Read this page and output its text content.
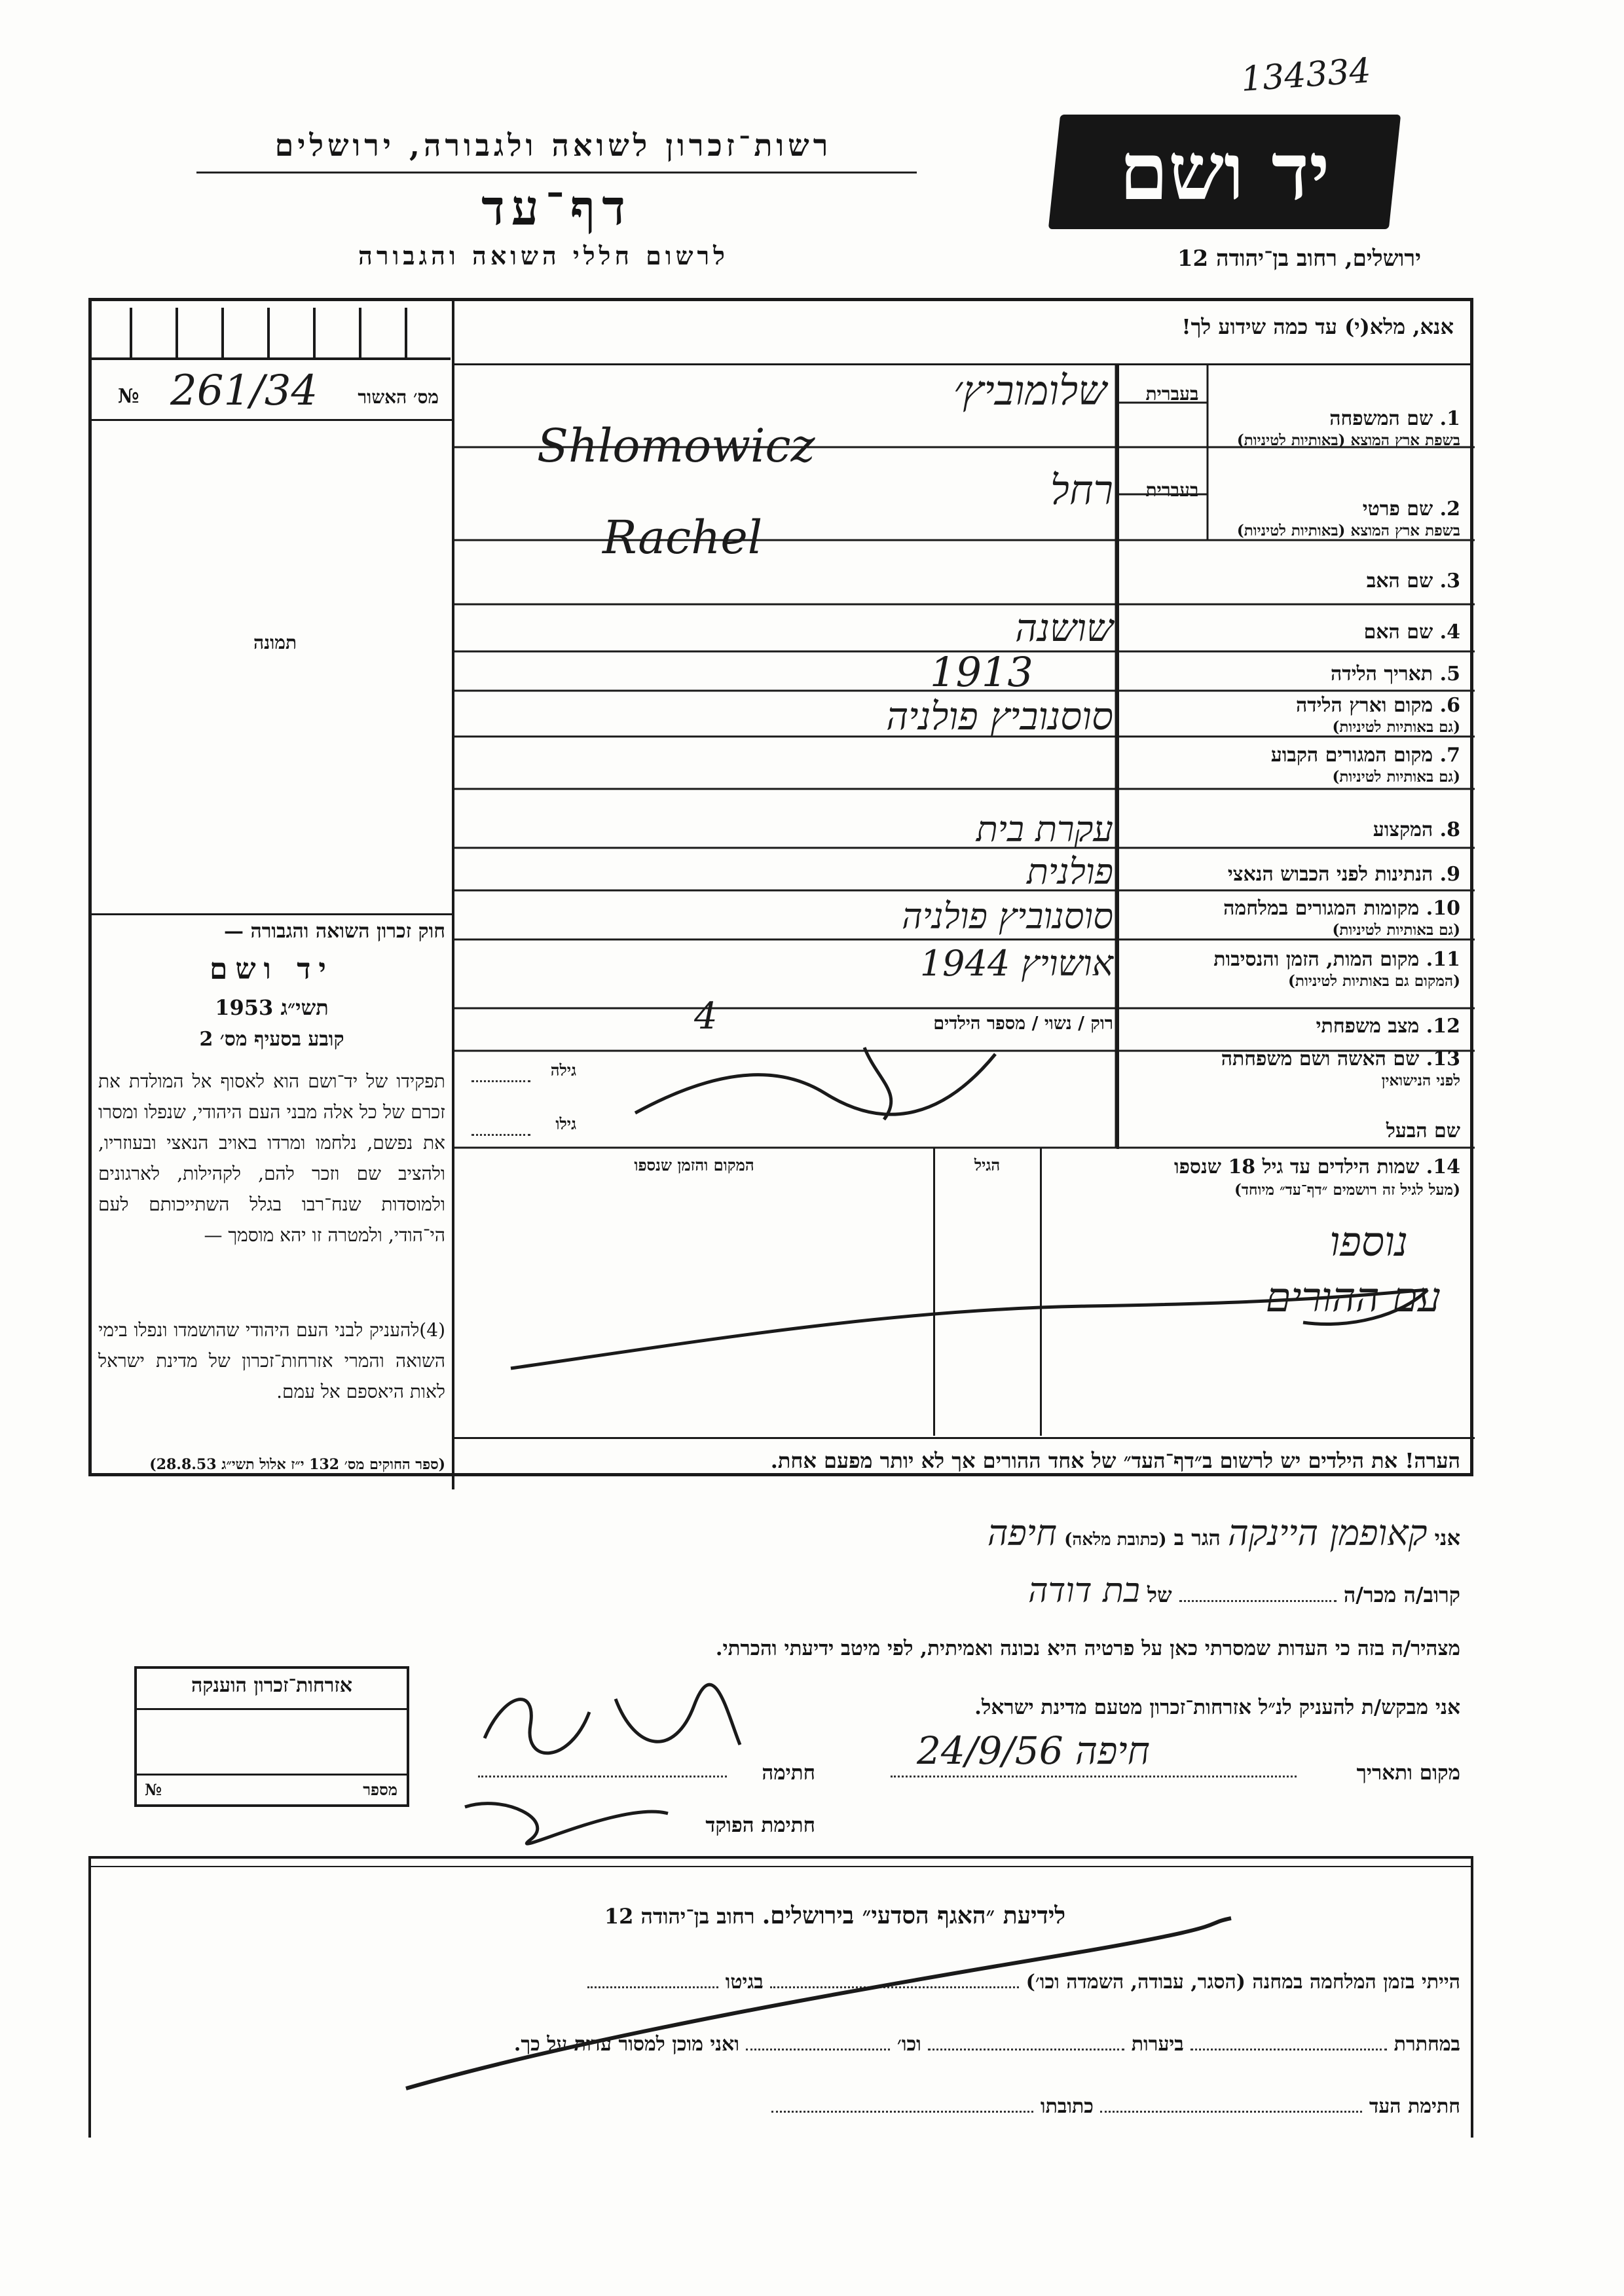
134334
רשות־זכרון לשואה ולגבורה, ירושלים
דף־עד
לרשום חללי השואה והגבורה
יד ושם
ירושלים, רחוב בן־יהודה 12
אנא, מלא(י) עד כמה שידוע לך!
מס׳ האשור
№ 261/34
תמונה
חוק זכרון השואה והגבורה —
יד ושם
תשי״ג 1953
קובע בסעיף מס׳ 2
תפקידו של יד־ושם הוא לאסוף אל המולדת את זכרם של כל אלה מבני העם היהודי, שנפלו ומסרו את נפשם, נלחמו ומרדו באויב הנאצי ובעוזריו, ולהציב שם וזכר להם, לקהילות, לארגונים ולמוסדות שנח־רבו בגלל השתייכותם לעם הי־הודי, ולמטרה זו יהא מוסמך —
(4)להעניק לבני העם היהודי שהושמדו ונפלו בימי השואה והמרי אזרחות־זכרון של מדינת ישראל לאות היאספם אל עמם.
(ספר החוקים מס׳ 132 י״ז אלול תשי״ג 28.8.53)
1. שם המשפחה
בשפת ארץ המוצא (באותיות לטיניות)
2. שם פרטי
בשפת ארץ המוצא (באותיות לטיניות)
3. שם האב
4. שם האם
5. תאריך הלידה
6. מקום וארץ הלידה
(גם באותיות לטיניות)
7. מקום המגורים הקבוע
(גם באותיות לטיניות)
8. המקצוע
9. הנתינות לפני הכבוש הנאצי
10. מקומות המגורים במלחמה
(גם באותיות לטיניות)
11. מקום המות, הזמן והנסיבות
(המקום גם באותיות לטיניות)
12. מצב משפחתי
13. שם האשה ושם משפחתה
לפני הנישואין
שם הבעל
בעברית
בעברית
שלומוביץ׳
Shlomowicz
רחל
Rachel
שושנה
1913
סוסנוביץ פולניה
עקרת בית
פולנית
סוסנוביץ פולניה
אושויץ 1944
רוק / נשוי / מספר הילדים
4
גילה
גילו
14. שמות הילדים עד גיל 18 שנספו
(מעל לגיל זה רושמים ״דף־עד״ מיוחד)
הגיל
המקום והזמן שנספו
נוספו
עם ההורים
הערה! את הילדים יש לרשום ב״דף־העד״ של אחד ההורים אך לא יותר מפעם אחת.
אני קאופמן היינקה הגר ב (כתובת מלאה) חיפה
קרוב/ה מכר/ה  של בת דודה
מצהיר/ה בזה כי העדות שמסרתי כאן על פרטיה היא נכונה ואמיתית, לפי מיטב ידיעתי והכרתי.
אני מבקש/ת להעניק לנ״ל אזרחות־זכרון מטעם מדינת ישראל.
מקום ותאריך
חיפה 24/9/56
חתימה
חתימת הפוקד
אזרחות־זכרון הוענקה
מספר
№
לידיעת ״האגף הסדעי״ בירושלים. רחוב בן־יהודה 12
הייתי בזמן המלחמה במחנה (הסגר, עבודה, השמדה וכו׳)  בגיטו
במחתרת  ביערות  וכו׳  ואני מוכן למסור עדות על כך.
חתימת העד  כתובתו
